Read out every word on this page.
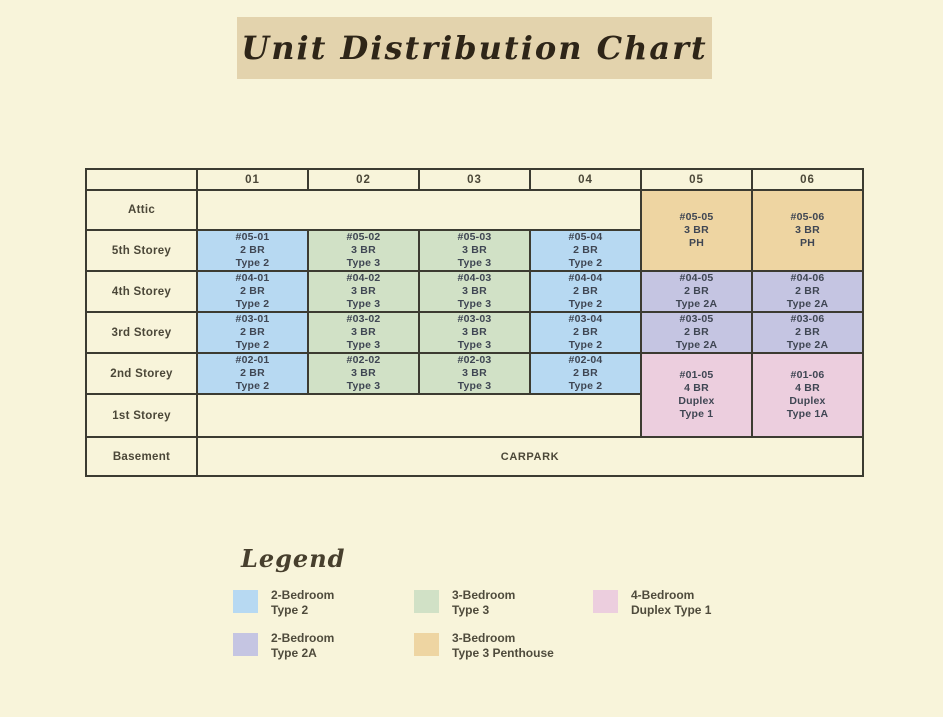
Unit Distribution Chart
	01	02	03	04	05	06
Attic					#05-05
3 BR
PH	#05-06
3 BR
PH
5th Storey	#05-01
2 BR
Type 2	#05-02
3 BR
Type 3	#05-03
3 BR
Type 3	#05-04
2 BR
Type 2		
4th Storey	#04-01
2 BR
Type 2	#04-02
3 BR
Type 3	#04-03
3 BR
Type 3	#04-04
2 BR
Type 2	#04-05
2 BR
Type 2A	#04-06
2 BR
Type 2A
3rd Storey	#03-01
2 BR
Type 2	#03-02
3 BR
Type 3	#03-03
3 BR
Type 3	#03-04
2 BR
Type 2	#03-05
2 BR
Type 2A	#03-06
2 BR
Type 2A
2nd Storey	#02-01
2 BR
Type 2	#02-02
3 BR
Type 3	#02-03
3 BR
Type 3	#02-04
2 BR
Type 2	#01-05
4 BR
Duplex
Type 1	#01-06
4 BR
Duplex
Type 1A
1st Storey						
Basement	CARPARK					
Legend
2-Bedroom
Type 2
3-Bedroom
Type 3
4-Bedroom
Duplex Type 1
2-Bedroom
Type 2A
3-Bedroom
Type 3 Penthouse
